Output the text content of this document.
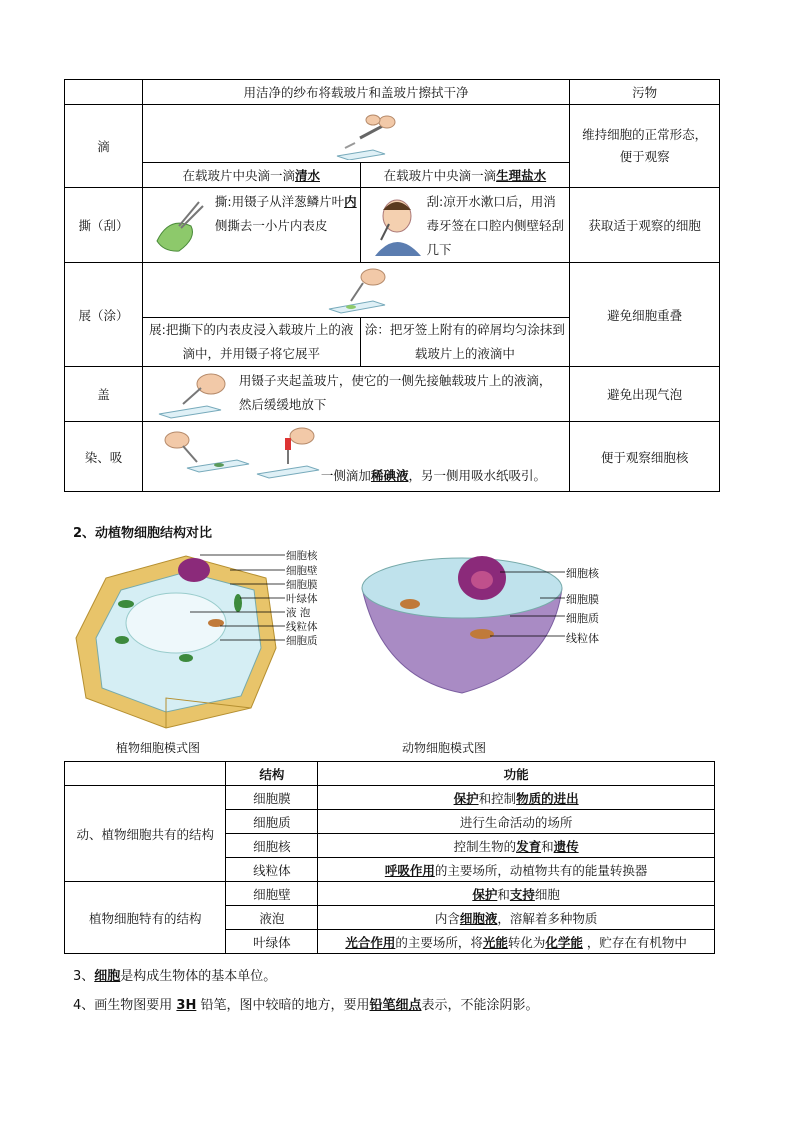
	用洁净的纱布将载玻片和盖玻片擦拭干净		污物
滴			维持细胞的正常形态，便于观察
	在载玻片中央滴一滴清水	在载玻片中央滴一滴生理盐水	
撕（刮）	撕:用镊子从洋葱鳞片叶内侧撕去一小片内表皮	刮:凉开水漱口后，用消毒牙签在口腔内侧壁轻刮几下	获取适于观察的细胞
展（涂）			避免细胞重叠
	展:把撕下的内表皮浸入载玻片上的液滴中，并用镊子将它展平	涂：把牙签上附有的碎屑均匀涂抹到载玻片上的液滴中	
盖	用镊子夹起盖玻片，使它的一侧先接触载玻片上的液滴，然后缓缓地放下		避免出现气泡
染、吸	一侧滴加稀碘液，另一侧用吸水纸吸引。		便于观察细胞核
2、动植物细胞结构对比
细胞核
细胞壁
细胞膜
叶绿体
液 泡
线粒体
细胞质
细胞核
细胞膜
细胞质
线粒体
植物细胞模式图	动物细胞模式图
	结构	功能
动、植物细胞共有的结构	细胞膜	保护和控制物质的进出
	细胞质	进行生命活动的场所
	细胞核	控制生物的发育和遗传
	线粒体	呼吸作用的主要场所，动植物共有的能量转换器
植物细胞特有的结构	细胞壁	保护和支持细胞
	液泡	内含细胞液，溶解着多种物质
	叶绿体	光合作用的主要场所，将光能转化为化学能 ，贮存在有机物中
3、细胞是构成生物体的基本单位。
4、画生物图要用 3H 铅笔，图中较暗的地方，要用铅笔细点表示，不能涂阴影。
